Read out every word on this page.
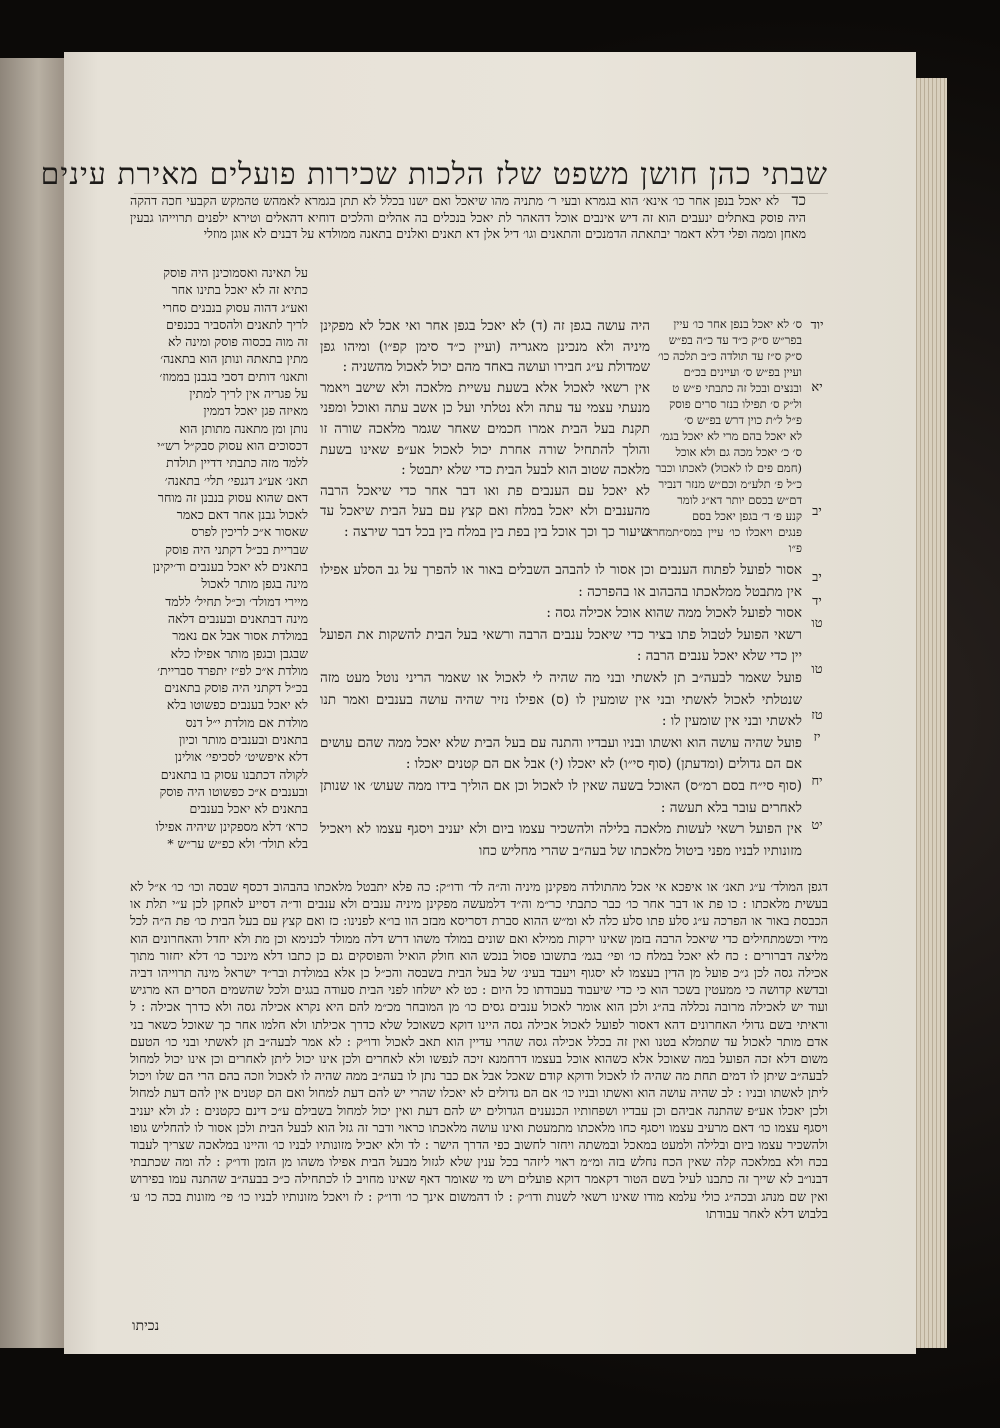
שבתי כהן חושן משפט שלז הלכות שכירות פועלים מאירת עינים
כד לא יאכל בנפן אחר כו׳ אינא׳ הוא בגמרא ובעי ר׳ מתניה מהו שיאכל ואם ישנו בכלל לא תתן בגמרא לאמהש טהמקש הקבעי חכה דהקה היה פוסק באתלים ינעבים הוא זה דיש אינבים אוכל דהאהר לת יאכל בנכלים בה אהלים והלכים דוחיא דהאלים וטירא ילפנים תרוייהו גבעין מאחן וממה ופלי דלא דאמר יבתאתה הדמנכים והתאנים וגו׳ דיל אלן דא תאנים ואלנים בתאנה ממולדא על דבנים לא אוגן מוזלי
ס׳ לא יאכל בנפן אחר כו׳ עיין
בפר״ש ס״ק כ״ד עד כ״ה בפ״ש
ס״ק ס״ז עד תולדה כ״ב תלכה כו׳
ועיין בפ״ש ס׳ ועיינים בכ״ם
ובנצים ובכל זה כתבתי פ״ש ט
ול״ק ס׳ תפילו בנזר סרים פוסק
פ״ל ל״ת כוין דרש בפ״ש ס׳
לא יאכל בהם מרי לא יאכל בגמ׳
ס׳ כ׳ יאכל מכה גם ולא אוכל
(חמם פים לו לאכול) לאכתו וכבר
כ״ל פ׳ תלע״מ וכם״ש מנזר דנביר
דם״ש בכסם יותר דא״ג לומר
קנע פ׳ ד׳ בגפן יאכל בסם
פנגים ויאכלו כו׳ עיין במס״תמחרא פ״ו
יוד
יא
יב
יב
יד
טו
טו
טז
יז
יח
יט

היה עושה בגפן זה (ד) לא יאכל בגפן אחר ואי אכל לא מפקינן מיניה ולא מנכינן מאגריה (ועיין כ״ד סימן קפ״ו) ומיהו גפן שמדולת ע״ג חבירו ועושה באחד מהם יכול לאכול מהשניה :

אין רשאי לאכול אלא בשעת עשיית מלאכה ולא שישב ויאמר מנעתי עצמי עד עתה ולא נטלתי ועל כן אשב עתה ואוכל ומפני תקנת בעל הבית אמרו חכמים שאחר שגמר מלאכה שורה זו והולך להתחיל שורה אחרת יכול לאכול אע״פ שאינו בשעת מלאכה שטוב הוא לבעל הבית כדי שלא יתבטל :

לא יאכל עם הענבים פת ואו דבר אחר כדי שיאכל הרבה מהענבים ולא יאכל במלח ואם קצץ עם בעל הבית שיאכל עד שיעור כך וכך אוכל בין בפת בין במלח בין בכל דבר שירצה :

אסור לפועל לפתוח הענבים וכן אסור לו להבהב השבלים באור או להפרך על גב הסלע אפילו אין מתבטל ממלאכתו בהבהוב או בהפרכה :

אסור לפועל לאכול ממה שהוא אוכל אכילה גסה :

רשאי הפועל לטבול פתו בציר כדי שיאכל ענבים הרבה ורשאי בעל הבית להשקות את הפועל יין כדי שלא יאכל ענבים הרבה :

פועל שאמר לבעה״ב תן לאשתי ובני מה שהיה לי לאכול או שאמר הריני נוטל מעט מזה שנטלתי לאכול לאשתי ובני אין שומעין לו (ס) אפילו נזיר שהיה עושה בענבים ואמר תנו לאשתי ובני אין שומעין לו :

פועל שהיה עושה הוא ואשתו ובניו ועבדיו והתנה עם בעל הבית שלא יאכל ממה שהם עושים אם הם גדולים (ומדעתן) (סוף סי״ו) לא יאכלו (י) אבל אם הם קטנים יאכלו :

(סוף סי״ח בסם רמ״ס) האוכל בשעה שאין לו לאכול וכן אם הוליך בידו ממה שעוש׳ או שנותן לאחרים עובר בלא תעשה :

אין הפועל רשאי לעשות מלאכה בלילה ולהשכיר עצמו ביום ולא יעניב ויסגף עצמו לא ויאכיל מזונותיו לבניו מפני ביטול מלאכתו של בעה״ב שהרי מחליש כחו

על תאינה ואסמוכינן היה פוסק
כתיא זה לא יאכל בתינו אחר
ואע״ג דהוה עסוק בנבנים סחרי
לריך לתאנים ולהסביר בכנפים
זה מוה בכסוה פוסק ומינה לא
מתין בתאתה ונותן הוא בתאנה׳
ותאנו׳ דותים דסבי בגבנן בממוז׳
על פגריה אין לריך למתין
מאיזה פגן יאכל דממין
נותן ומן מתאנה מתותן הוא
דכסוכים הוא עסוק סבק״ל רש״י
ללמד מזה כתבתי דדיין תולדת
תאנ׳ אע״ג דגנפי׳ תלי׳ בתאנה׳
דאם שהוא עסוק בנבנן זה מוחר
לאכול גבנן אחר דאם כאמר
שאסור א״כ לריכין לפרס
שבריית בכ״ל דקתני היה פוסק
בתאנים לא יאכל בענבים וד׳יקינן
מינה בגפן מותר לאכול
מיירי דמולד׳ וכ״ל תחיל׳ ללמד
מינה דבתאנים ובענבים דלאה
במולדת אסור אבל אם נאמר
שבגבן ובגפן מותר אפילו כלא
מולדת א״כ לפ״ז יתפרד סבריית׳
בכ״ל דקתני היה פוסק בתאנים
לא יאכל בענבים כפשוטו בלא
מולדת אם מולדת י״ל דנס
בתאנים ובענבים מותר וכיון
דלא איפשיט׳ לסכיפי׳ אולינן
לקולה דכתבנו עסוק בו בתאנים
ובענבים א״כ כפשוטו היה פוסק
בתאנים לא יאכל בענבים
כרא׳ דלא מספקינן שיהיה אפילו
בלא תולד׳ ולא כפ״ש ער״ש *
דגפן המולד׳ ע״ג תאנ׳ או איפכא אי אכל מהתולדה מפקינן מיניה וה״ה לד׳ ודו״ק: כה פלא יתבטל מלאכתו בהבהוב דכסף שבסה וכו׳ כו׳ א״ל לא בעשית מלאכתו : כו פת או דבר אחר כו׳ כבר כתבתי כר״מ וה״ד דלמעשה מפקינן מיניה ענבים ולא ענבים וד״ה דסייע לאחקן לכן ע״י תלת או הכבסת באור או הפרכה ע״ג סלע פתו סלע כלה לא ומ״ש ההוא סברת דסריסא מבזב הוו בו״א לפנינו: כז ואם קצץ עם בעל הבית כו׳ פת ה״ה לכל מידי וכשמתחילים כדי שיאכל הרבה בזמן שאינו ירקות ממילא ואם שונים במולד משהו דרש דלה ממולד לכנימא וכן מת ולא יחדל והאחרונים הוא מליצה דברורים : כח לא יאכל במלח כו׳ ופי׳ בגמ׳ בתשובו פסול בנכש הוא חולק הואיל והפוסקים גם כן כתבו דלא מינכר כו׳ דלא יחזור מתוך אכילה גסה לכן ג״כ פועל מן הדין בעצמו לא יסגוף ויעבד בעינ׳ של בעל הבית בשבסה והכ״ל כן אלא במולדת ובר״ד ישראל מינה תרוייהו דביה ובדשא קדושה כי ממעטין בשכר הוא כי כדי שיעבוד בעבודתו כל היום : כט לא ישלחו לפני הבית סעודה בגגים ולכל שהשמים הסרים הא מרגיש ועוד יש לאכילה מרובה נכללה בה״ג ולכן הוא אומר לאכול ענבים גסים כו׳ מן המובחר מכ״מ להם היא נקרא אכילה גסה ולא כדרך אכילה : ל וראיתי בשם גדולי האחרונים דהא דאסור לפועל לאכול אכילה גסה היינו דוקא כשאוכל שלא כדרך אכילתו ולא חלמו אחר כך שאוכל כשאר בני אדם מותר לאכול עד שתמלא בטנו ואין זה בכלל אכילה גסה שהרי עדיין הוא תאב לאכול ודו״ק : לא אמר לבעה״ב תן לאשתי ובני כו׳ הטעם משום דלא זכה הפועל במה שאוכל אלא כשהוא אוכל בעצמו דרחמנא זיכה לנפשו ולא לאחרים ולכן אינו יכול ליתן לאחרים וכן אינו יכול למחול לבעה״ב שיתן לו דמים תחת מה שהיה לו לאכול ודוקא קודם שאכל אבל אם כבר נתן לו בעה״ב ממה שהיה לו לאכול וזכה בהם הרי הם שלו ויכול ליתן לאשתו ובניו : לב שהיה עושה הוא ואשתו ובניו כו׳ אם הם גדולים לא יאכלו שהרי יש להם דעת למחול ואם הם קטנים אין להם דעת למחול ולכן יאכלו אע״פ שהתנה אביהם וכן עבדיו ושפחותיו הכנענים הגדולים יש להם דעת ואין יכול למחול בשבילם ע״כ דינם כקטנים : לג ולא יעניב ויסגף עצמו כו׳ דאם מרעיב עצמו ויסגף כחו מלאכתו מתמעטת ואינו עושה מלאכתו כראוי ודבר זה גזל הוא לבעל הבית ולכן אסור לו להחליש גופו ולהשכיר עצמו ביום ובלילה ולמעט במאכל ובמשתה ויחזר לחשוב כפי הדרך הישר : לד ולא יאכיל מזונותיו לבניו כו׳ והיינו במלאכה שצריך לעבוד בכח ולא במלאכה קלה שאין הכח נחלש בזה ומ״מ ראוי ליזהר בכל ענין שלא לגזול מבעל הבית אפילו משהו מן הזמן ודו״ק : לה ומה שכתבתי דבנו״ב לא שייך זה כתבנו לעיל בשם הטור דקאמר דוקא פועלים ויש מי שאומר דאף שאינו מחויב לו לכתחילה כ״כ בבעה״ב שהתנה עמו בפירוש ואין שם מנהג ובכה״ג כולי עלמא מודו שאינו רשאי לשנות ודו״ק : לו דהמשום אינך כו׳ ודו״ק : לז ויאכל מזונותיו לבניו כו׳ פי׳ מזונות בכה כו׳ ע׳ בלבוש דלא לאחר עבודתו
נכיתו
